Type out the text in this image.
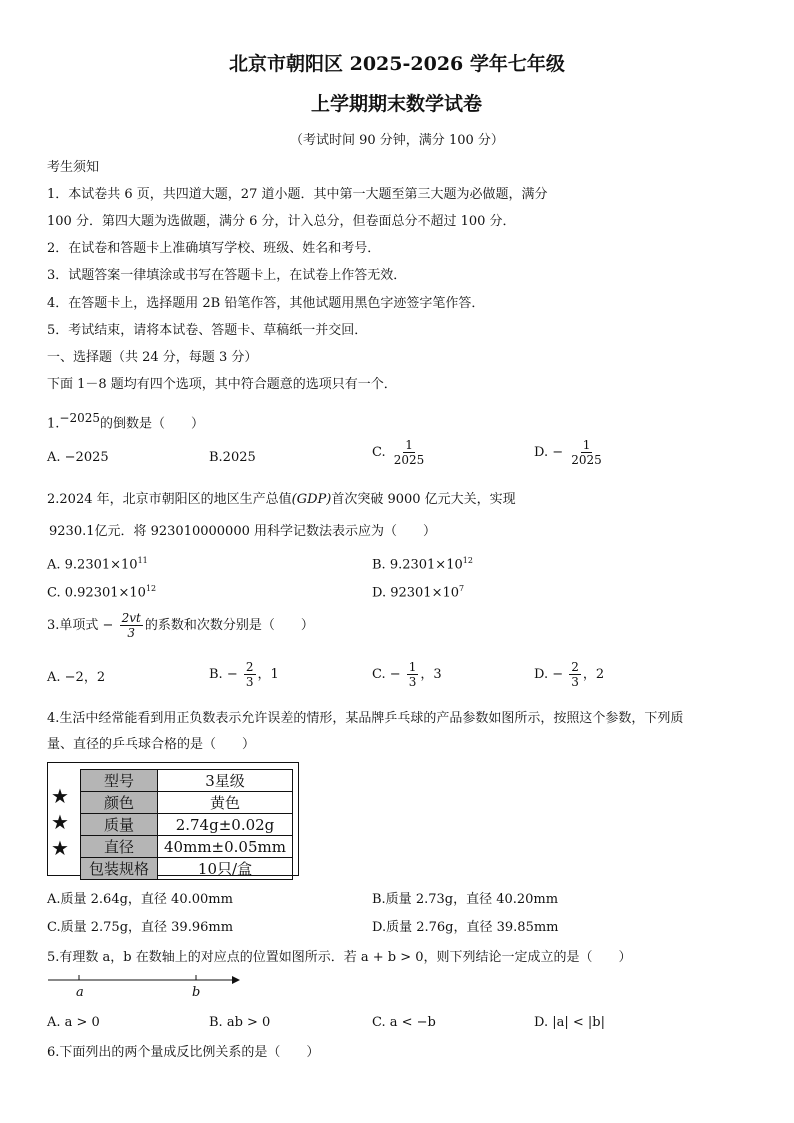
北京市朝阳区 2025-2026 学年七年级
上学期期末数学试卷
（考试时间 90 分钟，满分 100 分）
考生须知
1．本试卷共 6 页，共四道大题，27 道小题．其中第一大题至第三大题为必做题，满分
100 分．第四大题为选做题，满分 6 分，计入总分，但卷面总分不超过 100 分．
2．在试卷和答题卡上准确填写学校、班级、姓名和考号．
3．试题答案一律填涂或书写在答题卡上，在试卷上作答无效．
4．在答题卡上，选择题用 2B 铅笔作答，其他试题用黑色字迹签字笔作答．
5．考试结束，请将本试卷、答题卡、草稿纸一并交回．
一、选择题（共 24 分，每题 3 分）
下面 1－8 题均有四个选项，其中符合题意的选项只有一个．
1.−2025的倒数是（　　）
A. −2025	B.2025	C. $\frac{1}{2025}$	D. − $\frac{1}{2025}$
2.2024 年，北京市朝阳区的地区生产总值(GDP)首次突破 9000 亿元大关，实现
9230.1亿元．将 923010000000 用科学记数法表示应为（　　）
A. $9.2301\times 10^{11}$	B. $9.2301\times 10^{12}$
C. $0.92301\times 10^{12}$	D. $92301\times 10^7$
3.单项式 − $\frac{2vt}{3}$ 的系数和次数分别是（　　）
A. −2，2	B. − $\frac{2}{3}$ ，1	C. − $\frac{1}{3}$ ，3	D. − $\frac{2}{3}$ ，2
4.生活中经常能看到用正负数表示允许误差的情形，某品牌乒乓球的产品参数如图所示，按照这个参数，下列质
量、直径的乒乓球合格的是（　　）
★
★
★
型号	3星级
颜色	黄色
质量	2.74g±0.02g
直径	40mm±0.05mm
包装规格	10只/盒
A.质量 2.64g，直径 40.00mm	B.质量 2.73g，直径 40.20mm
C.质量 2.75g，直径 39.96mm	D.质量 2.76g，直径 39.85mm
5.有理数 a，b 在数轴上的对应点的位置如图所示．若 a + b > 0，则下列结论一定成立的是（　　）
a	b
A. a > 0	B. ab > 0	C. a < −b	D. |a| < |b|
6.下面列出的两个量成反比例关系的是（　　）
